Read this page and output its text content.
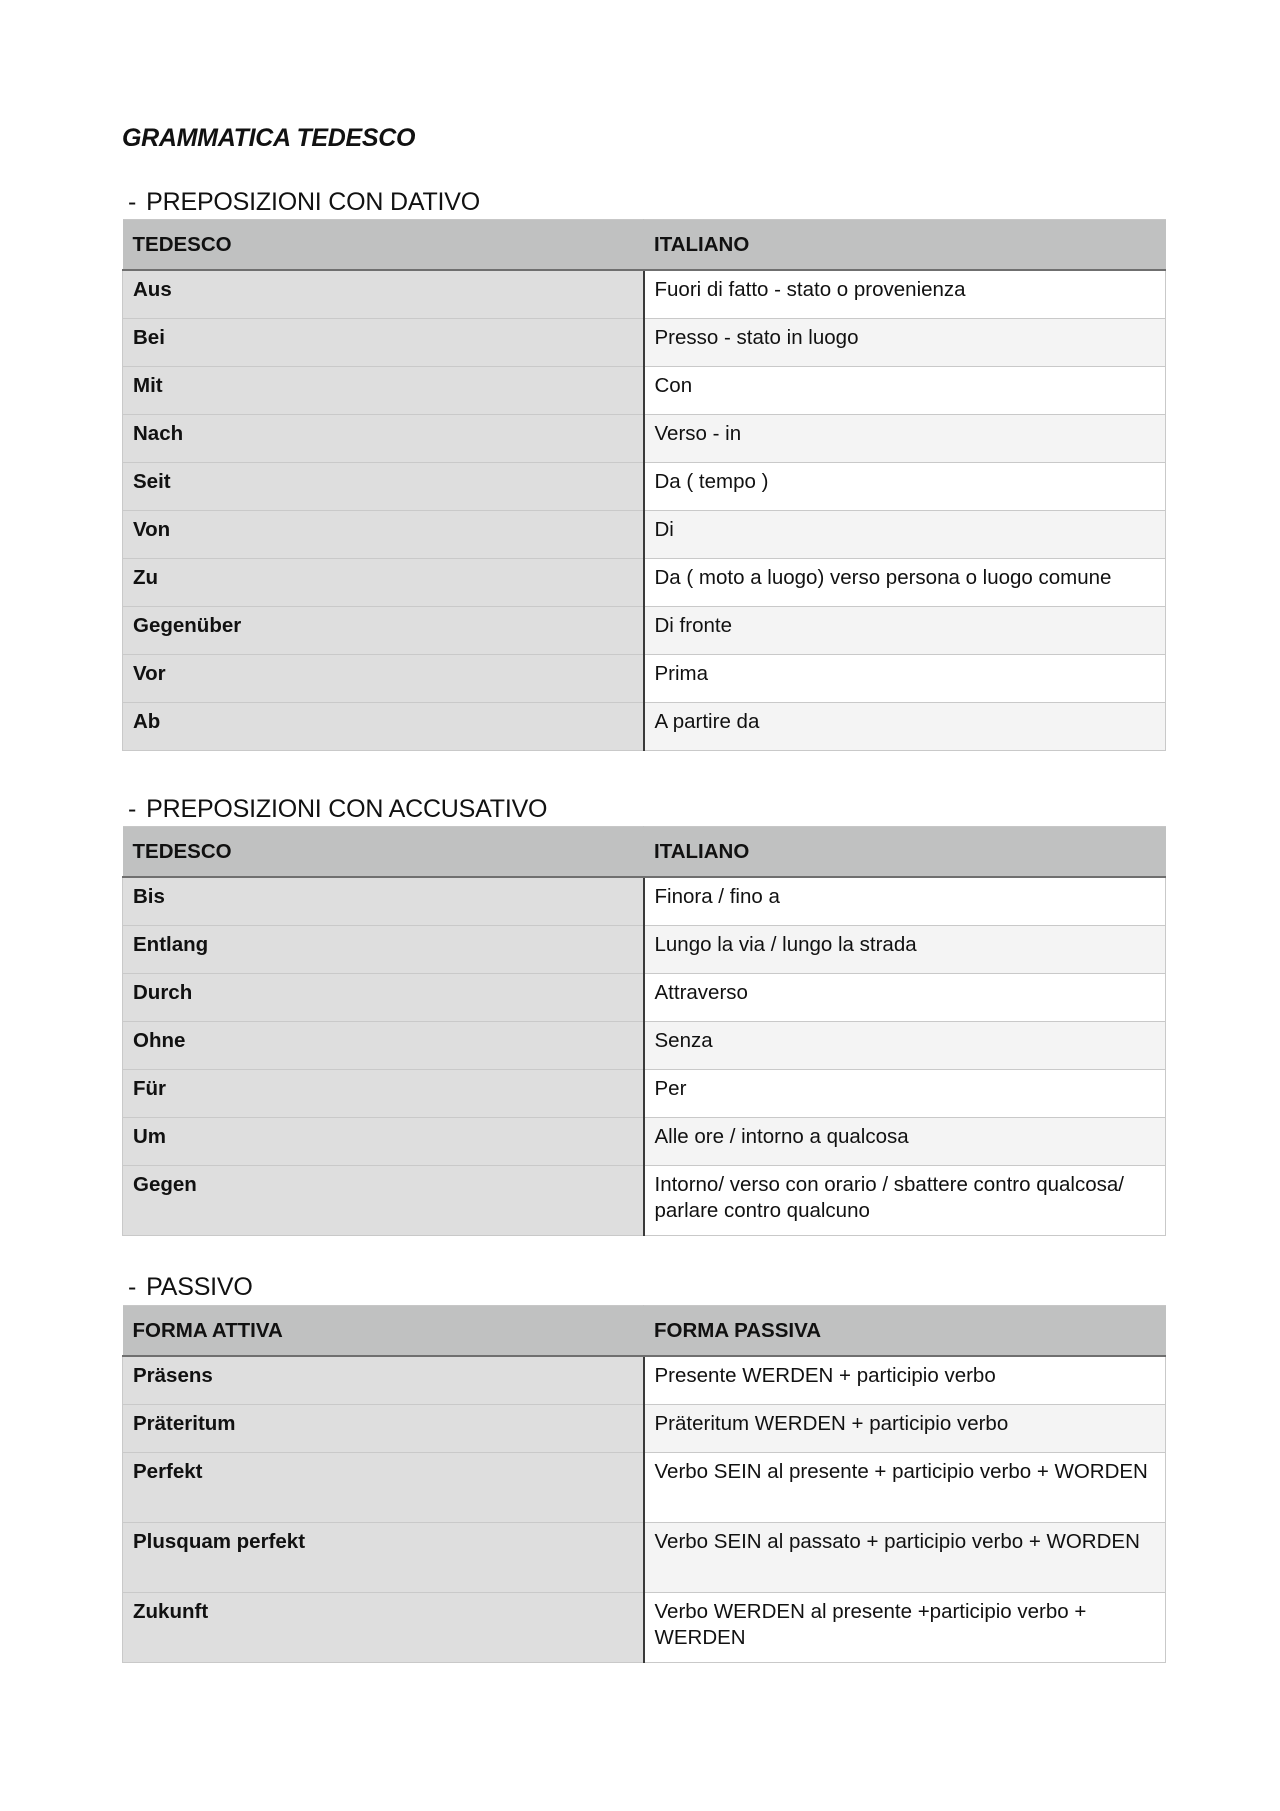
GRAMMATICA TEDESCO
- PREPOSIZIONI CON DATIVO
TEDESCO	ITALIANO
Aus	Fuori di fatto - stato o provenienza
Bei	Presso - stato in luogo
Mit	Con
Nach	Verso - in
Seit	Da ( tempo )
Von	Di
Zu	Da ( moto a luogo) verso persona o luogo comune
Gegenüber	Di fronte
Vor	Prima
Ab	A partire da
- PREPOSIZIONI CON ACCUSATIVO
TEDESCO	ITALIANO
Bis	Finora / fino a
Entlang	Lungo la via / lungo la strada
Durch	Attraverso
Ohne	Senza
Für	Per
Um	Alle ore / intorno a qualcosa
Gegen	Intorno/ verso con orario / sbattere contro qualcosa/ parlare contro qualcuno
- PASSIVO
FORMA ATTIVA	FORMA PASSIVA
Präsens	Presente WERDEN + participio verbo
Präteritum	Präteritum WERDEN + participio verbo
Perfekt	Verbo SEIN al presente + participio verbo + WORDEN
Plusquam perfekt	Verbo SEIN al passato + participio verbo + WORDEN
Zukunft	Verbo WERDEN al presente +participio verbo + WERDEN
